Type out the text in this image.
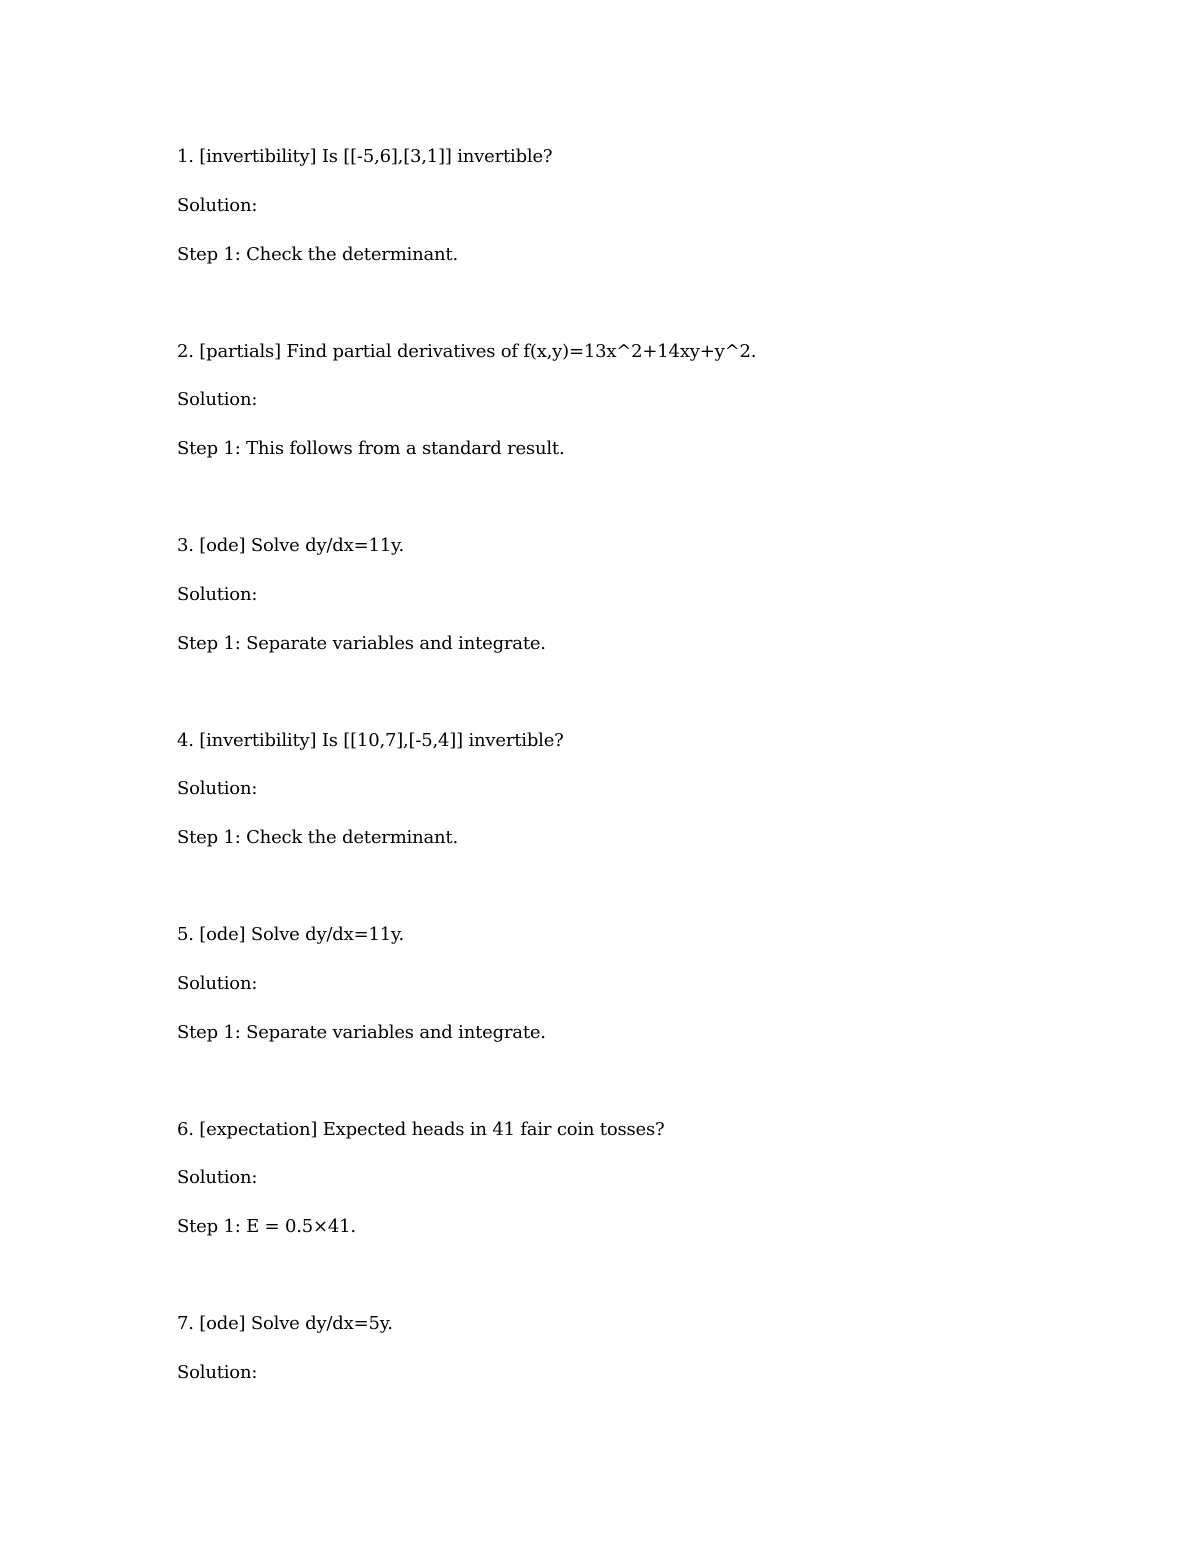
1. [invertibility] Is [[-5,6],[3,1]] invertible?
Solution:
Step 1: Check the determinant.
2. [partials] Find partial derivatives of f(x,y)=13x^2+14xy+y^2.
Solution:
Step 1: This follows from a standard result.
3. [ode] Solve dy/dx=11y.
Solution:
Step 1: Separate variables and integrate.
4. [invertibility] Is [[10,7],[-5,4]] invertible?
Solution:
Step 1: Check the determinant.
5. [ode] Solve dy/dx=11y.
Solution:
Step 1: Separate variables and integrate.
6. [expectation] Expected heads in 41 fair coin tosses?
Solution:
Step 1: E = 0.5×41.
7. [ode] Solve dy/dx=5y.
Solution:
